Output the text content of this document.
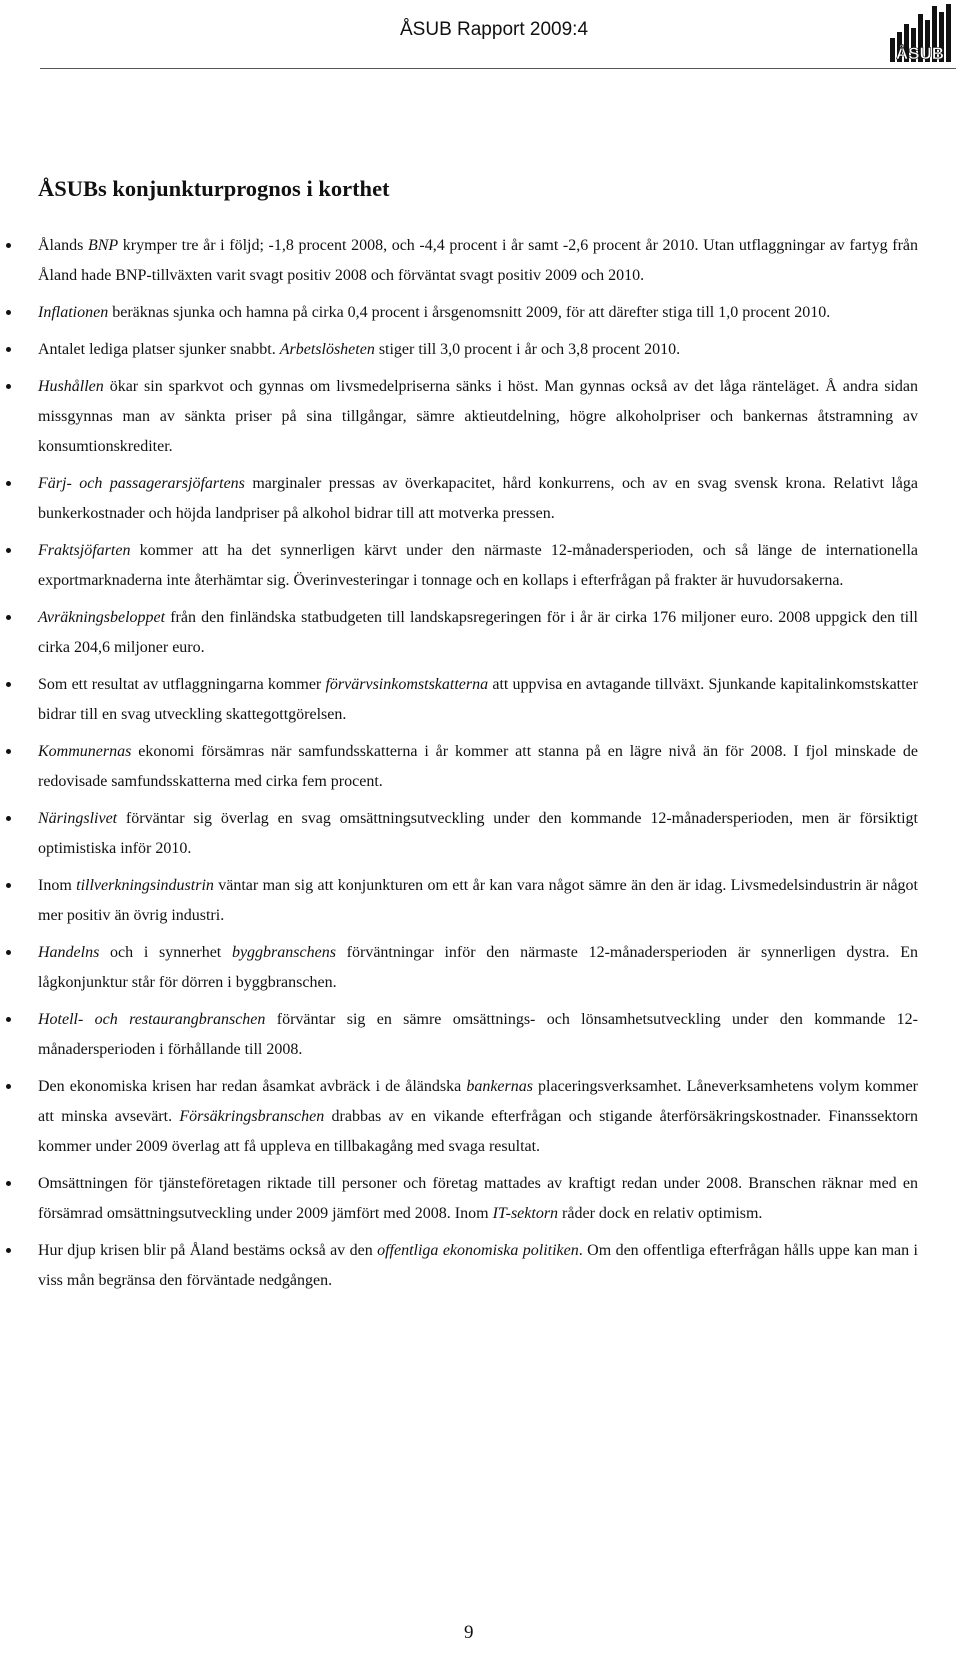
ÅSUB Rapport 2009:4
ÅSUB
ÅSUBs konjunkturprognos i korthet
Ålands BNP krymper tre år i följd; -1,8 procent 2008, och -4,4 procent i år samt -2,6 procent år 2010. Utan utflaggningar av fartyg från Åland hade BNP-tillväxten varit svagt positiv 2008 och förväntat svagt positiv 2009 och 2010.
Inflationen beräknas sjunka och hamna på cirka 0,4 procent i årsgenomsnitt 2009, för att därefter stiga till 1,0 procent 2010.
Antalet lediga platser sjunker snabbt. Arbetslösheten stiger till 3,0 procent i år och 3,8 procent 2010.
Hushållen ökar sin sparkvot och gynnas om livsmedelpriserna sänks i höst. Man gynnas också av det låga ränteläget. Å andra sidan missgynnas man av sänkta priser på sina tillgångar, sämre aktieutdelning, högre alkoholpriser och bankernas åtstramning av konsumtionskrediter.
Färj- och passagerarsjöfartens marginaler pressas av överkapacitet, hård konkurrens, och av en svag svensk krona. Relativt låga bunkerkostnader och höjda landpriser på alkohol bidrar till att motverka pressen.
Fraktsjöfarten kommer att ha det synnerligen kärvt under den närmaste 12-månadersperioden, och så länge de internationella exportmarknaderna inte återhämtar sig. Överinvesteringar i tonnage och en kollaps i efterfrågan på frakter är huvudorsakerna.
Avräkningsbeloppet från den finländska statbudgeten till landskapsregeringen för i år är cirka 176 miljoner euro. 2008 uppgick den till cirka 204,6 miljoner euro.
Som ett resultat av utflaggningarna kommer förvärvsinkomstskatterna att uppvisa en avtagande tillväxt. Sjunkande kapitalinkomstskatter bidrar till en svag utveckling skattegottgörelsen.
Kommunernas ekonomi försämras när samfundsskatterna i år kommer att stanna på en lägre nivå än för 2008. I fjol minskade de redovisade samfundsskatterna med cirka fem procent.
Näringslivet förväntar sig överlag en svag omsättningsutveckling under den kommande 12-månadersperioden, men är försiktigt optimistiska inför 2010.
Inom tillverkningsindustrin väntar man sig att konjunkturen om ett år kan vara något sämre än den är idag. Livsmedelsindustrin är något mer positiv än övrig industri.
Handelns och i synnerhet byggbranschens förväntningar inför den närmaste 12-månadersperioden är synnerligen dystra. En lågkonjunktur står för dörren i byggbranschen.
Hotell- och restaurangbranschen förväntar sig en sämre omsättnings- och lönsamhetsutveckling under den kommande 12-månadersperioden i förhållande till 2008.
Den ekonomiska krisen har redan åsamkat avbräck i de åländska bankernas placeringsverksamhet. Låneverksamhetens volym kommer att minska avsevärt. Försäkringsbranschen drabbas av en vikande efterfrågan och stigande återförsäkringskostnader. Finanssektorn kommer under 2009 överlag att få uppleva en tillbakagång med svaga resultat.
Omsättningen för tjänsteföretagen riktade till personer och företag mattades av kraftigt redan under 2008. Branschen räknar med en försämrad omsättningsutveckling under 2009 jämfört med 2008. Inom IT-sektorn råder dock en relativ optimism.
Hur djup krisen blir på Åland bestäms också av den offentliga ekonomiska politiken. Om den offentliga efterfrågan hålls uppe kan man i viss mån begränsa den förväntade nedgången.
9
